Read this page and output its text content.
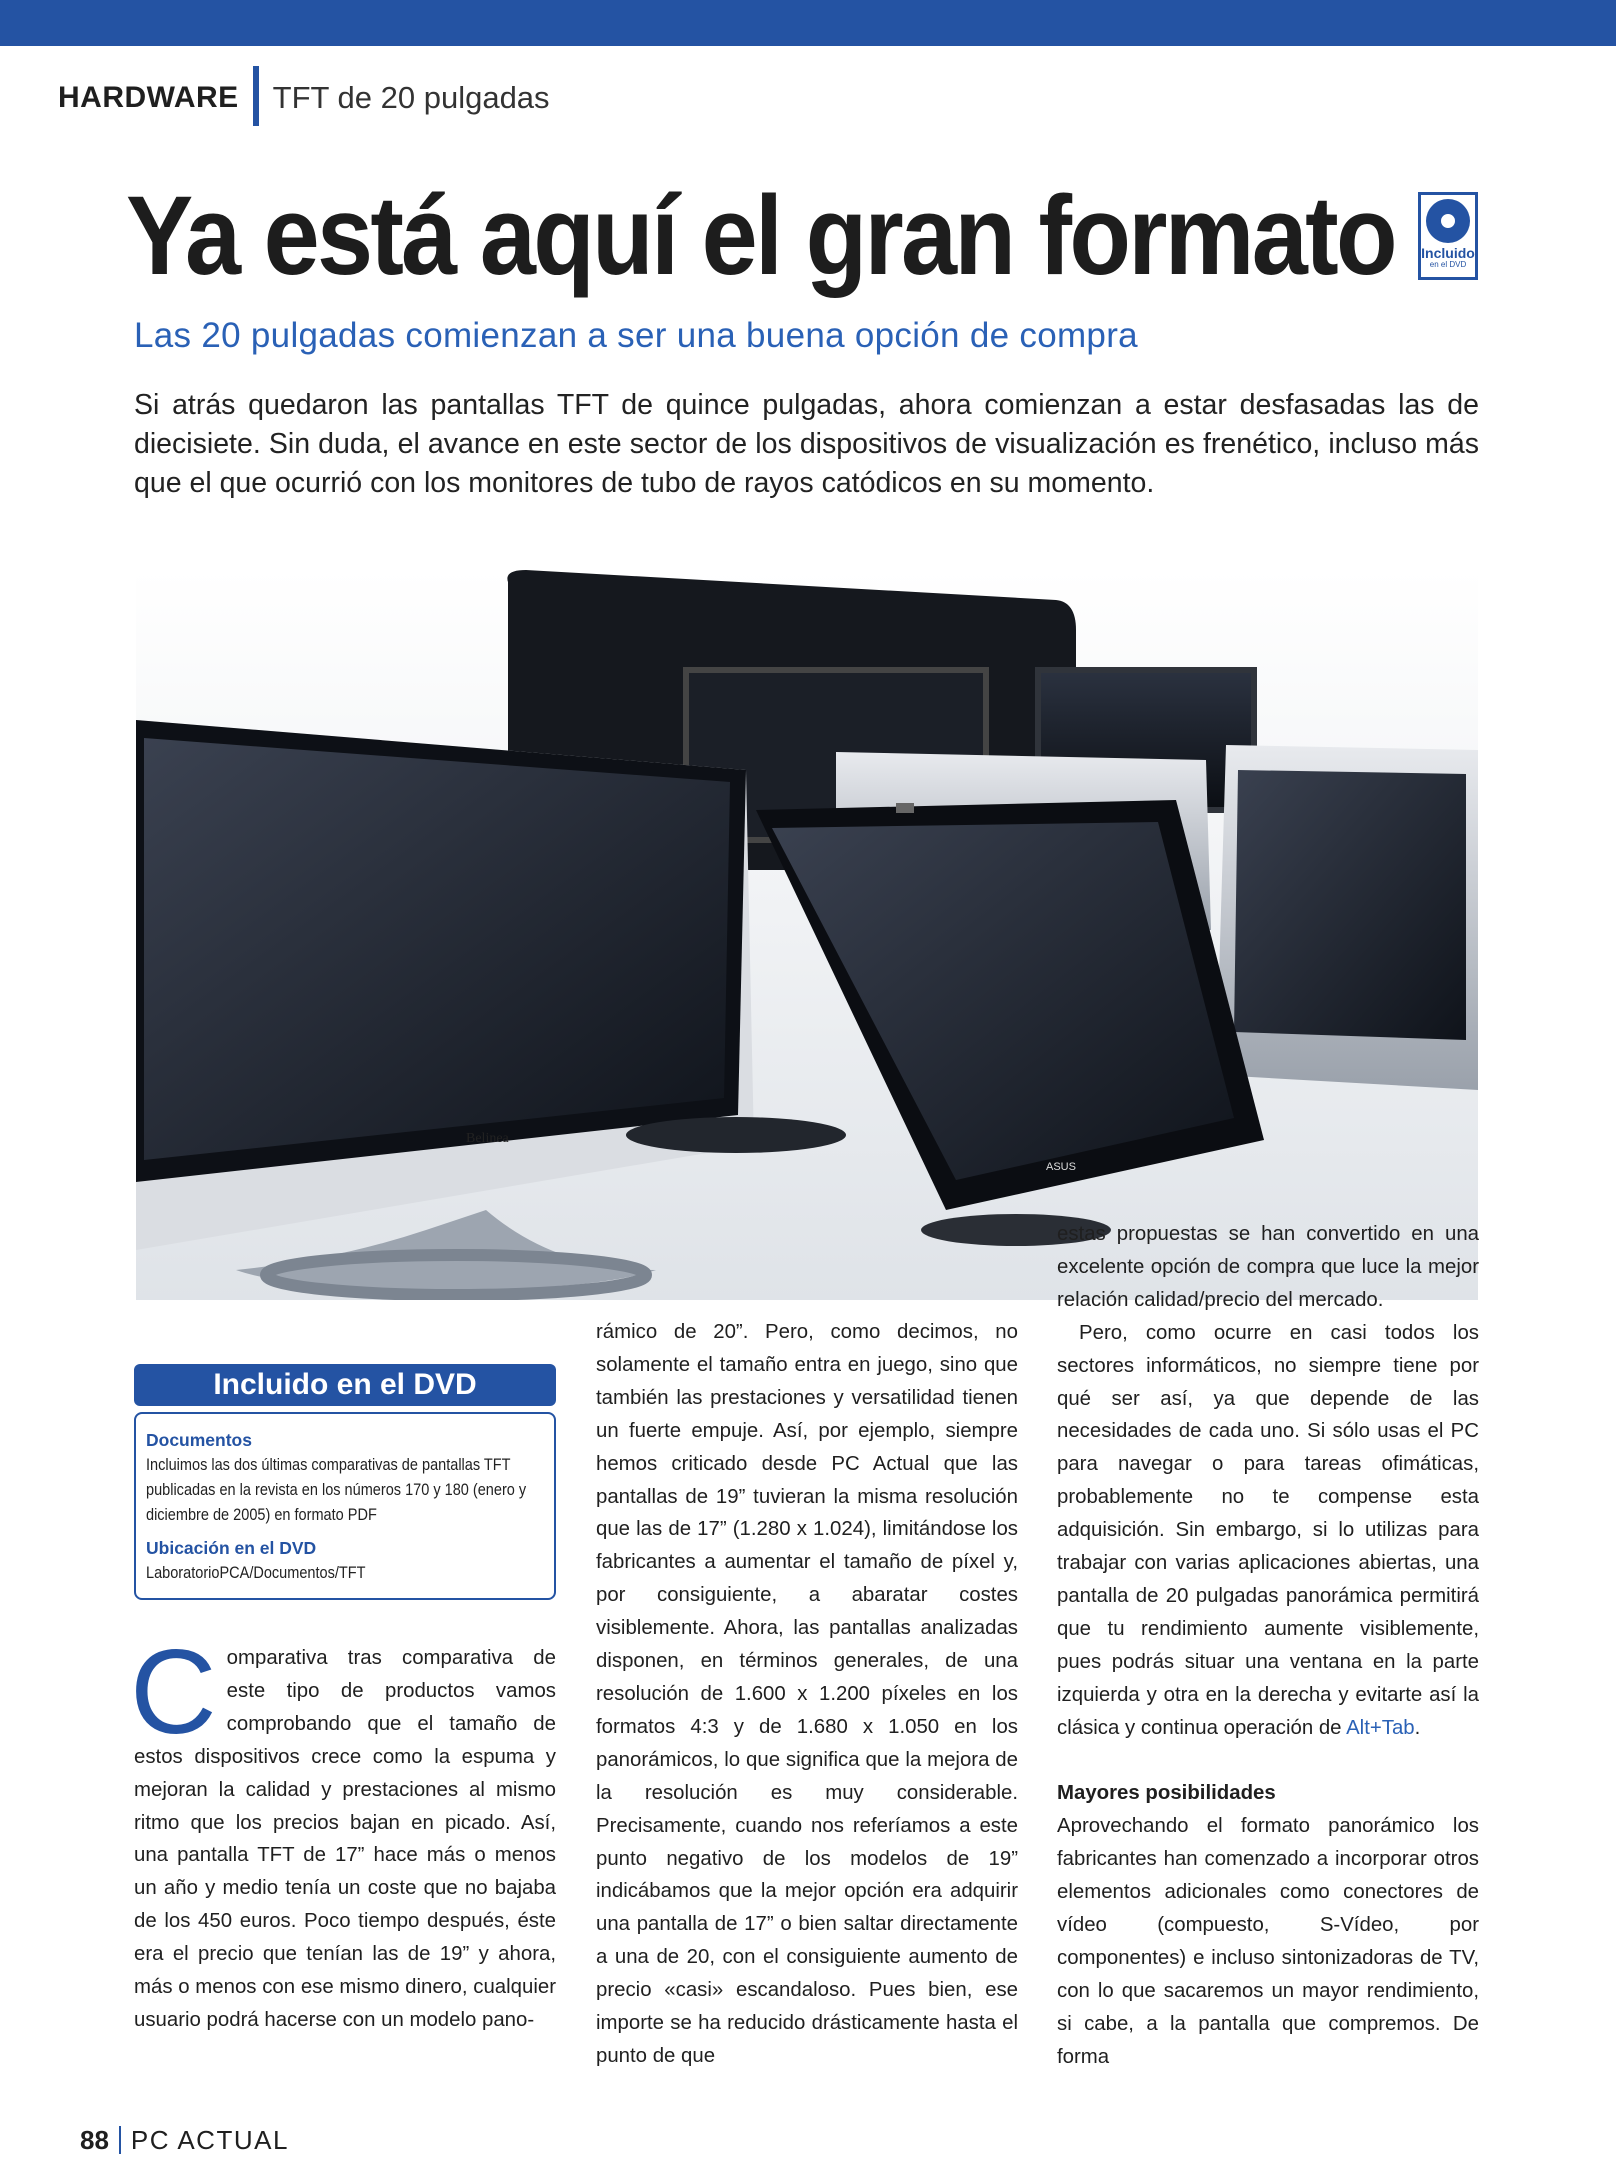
HARDWARE TFT de 20 pulgadas
Ya está aquí el gran formato Incluido
en el DVD
Las 20 pulgadas comienzan a ser una buena opción de compra

Si atrás quedaron las pantallas TFT de quince pulgadas, ahora comienzan a estar desfasadas las de diecisiete. Sin duda, el avance en este sector de los dispositivos de visualización es frenético, incluso más que el que ocurrió con los monitores de tubo de rayos catódicos en su momento.

Belinea
ASUS
Incluido en el DVD

Documentos

Incluimos las dos últimas comparativas de pantallas TFT publicadas en la revista en los números 170 y 180 (enero y diciembre de 2005) en formato PDF

Ubicación en el DVD

LaboratorioPCA/Documentos/TFT

Comparativa tras comparativa de este tipo de productos vamos comprobando que el tamaño de estos dispositivos crece como la espuma y mejoran la calidad y prestaciones al mismo ritmo que los precios bajan en picado. Así, una pantalla TFT de 17” hace más o menos un año y medio tenía un coste que no bajaba de los 450 euros. Poco tiempo después, éste era el precio que tenían las de 19” y ahora, más o menos con ese mismo dinero, cualquier usuario podrá hacerse con un modelo pano-

rámico de 20”. Pero, como decimos, no solamente el tamaño entra en juego, sino que también las prestaciones y versatilidad tienen un fuerte empuje. Así, por ejemplo, siempre hemos criticado desde PC Actual que las pantallas de 19” tuvieran la misma resolución que las de 17” (1.280 x 1.024), limitándose los fabricantes a aumentar el tamaño de píxel y, por consiguiente, a abaratar costes visiblemente. Ahora, las pantallas analizadas disponen, en términos generales, de una resolución de 1.600 x 1.200 píxeles en los formatos 4:3 y de 1.680 x 1.050 en los panorámicos, lo que significa que la mejora de la resolución es muy considerable. Precisamente, cuando nos referíamos a este punto negativo de los modelos de 19” indicábamos que la mejor opción era adquirir una pantalla de 17” o bien saltar directamente a una de 20, con el consiguiente aumento de precio «casi» escandaloso. Pues bien, ese importe se ha reducido drásticamente hasta el punto de que

estas propuestas se han convertido en una excelente opción de compra que luce la mejor relación calidad/precio del mercado.

Pero, como ocurre en casi todos los sectores informáticos, no siempre tiene por qué ser así, ya que depende de las necesidades de cada uno. Si sólo usas el PC para navegar o para tareas ofimáticas, probablemente no te compense esta adquisición. Sin embargo, si lo utilizas para trabajar con varias aplicaciones abiertas, una pantalla de 20 pulgadas panorámica permitirá que tu rendimiento aumente visiblemente, pues podrás situar una ventana en la parte izquierda y otra en la derecha y evitarte así la clásica y continua operación de Alt+Tab.

Mayores posibilidades

Aprovechando el formato panorámico los fabricantes han comenzado a incorporar otros elementos adicionales como conectores de vídeo (compuesto, S-Vídeo, por componentes) e incluso sintonizadoras de TV, con lo que sacaremos un mayor rendimiento, si cabe, a la pantalla que compremos. De forma

88 PC ACTUAL
